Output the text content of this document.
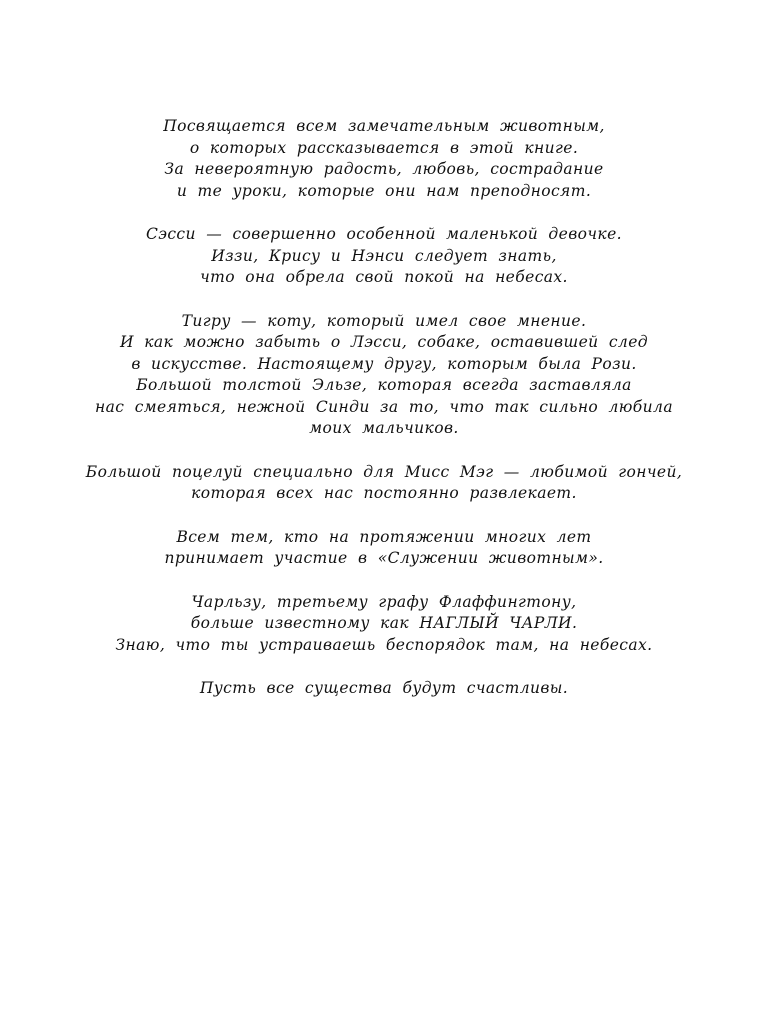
Посвящается всем замечательным животным,
о которых рассказывается в этой книге.
За невероятную радость, любовь, сострадание
и те уроки, которые они нам преподносят.
Сэсси — совершенно особенной маленькой девочке.
Иззи, Крису и Нэнси следует знать,
что она обрела свой покой на небесах.
Тигру — коту, который имел свое мнение.
И как можно забыть о Лэсси, собаке, оставившей след
в искусстве. Настоящему другу, которым была Рози.
Большой толстой Эльзе, которая всегда заставляла
нас смеяться, нежной Синди за то, что так сильно любила
моих мальчиков.
Большой поцелуй специально для Мисс Мэг — любимой гончей,
которая всех нас постоянно развлекает.
Всем тем, кто на протяжении многих лет
принимает участие в «Служении животным».
Чарльзу, третьему графу Флаффингтону,
больше известному как НАГЛЫЙ ЧАРЛИ.
Знаю, что ты устраиваешь беспорядок там, на небесах.
Пусть все существа будут счастливы.
